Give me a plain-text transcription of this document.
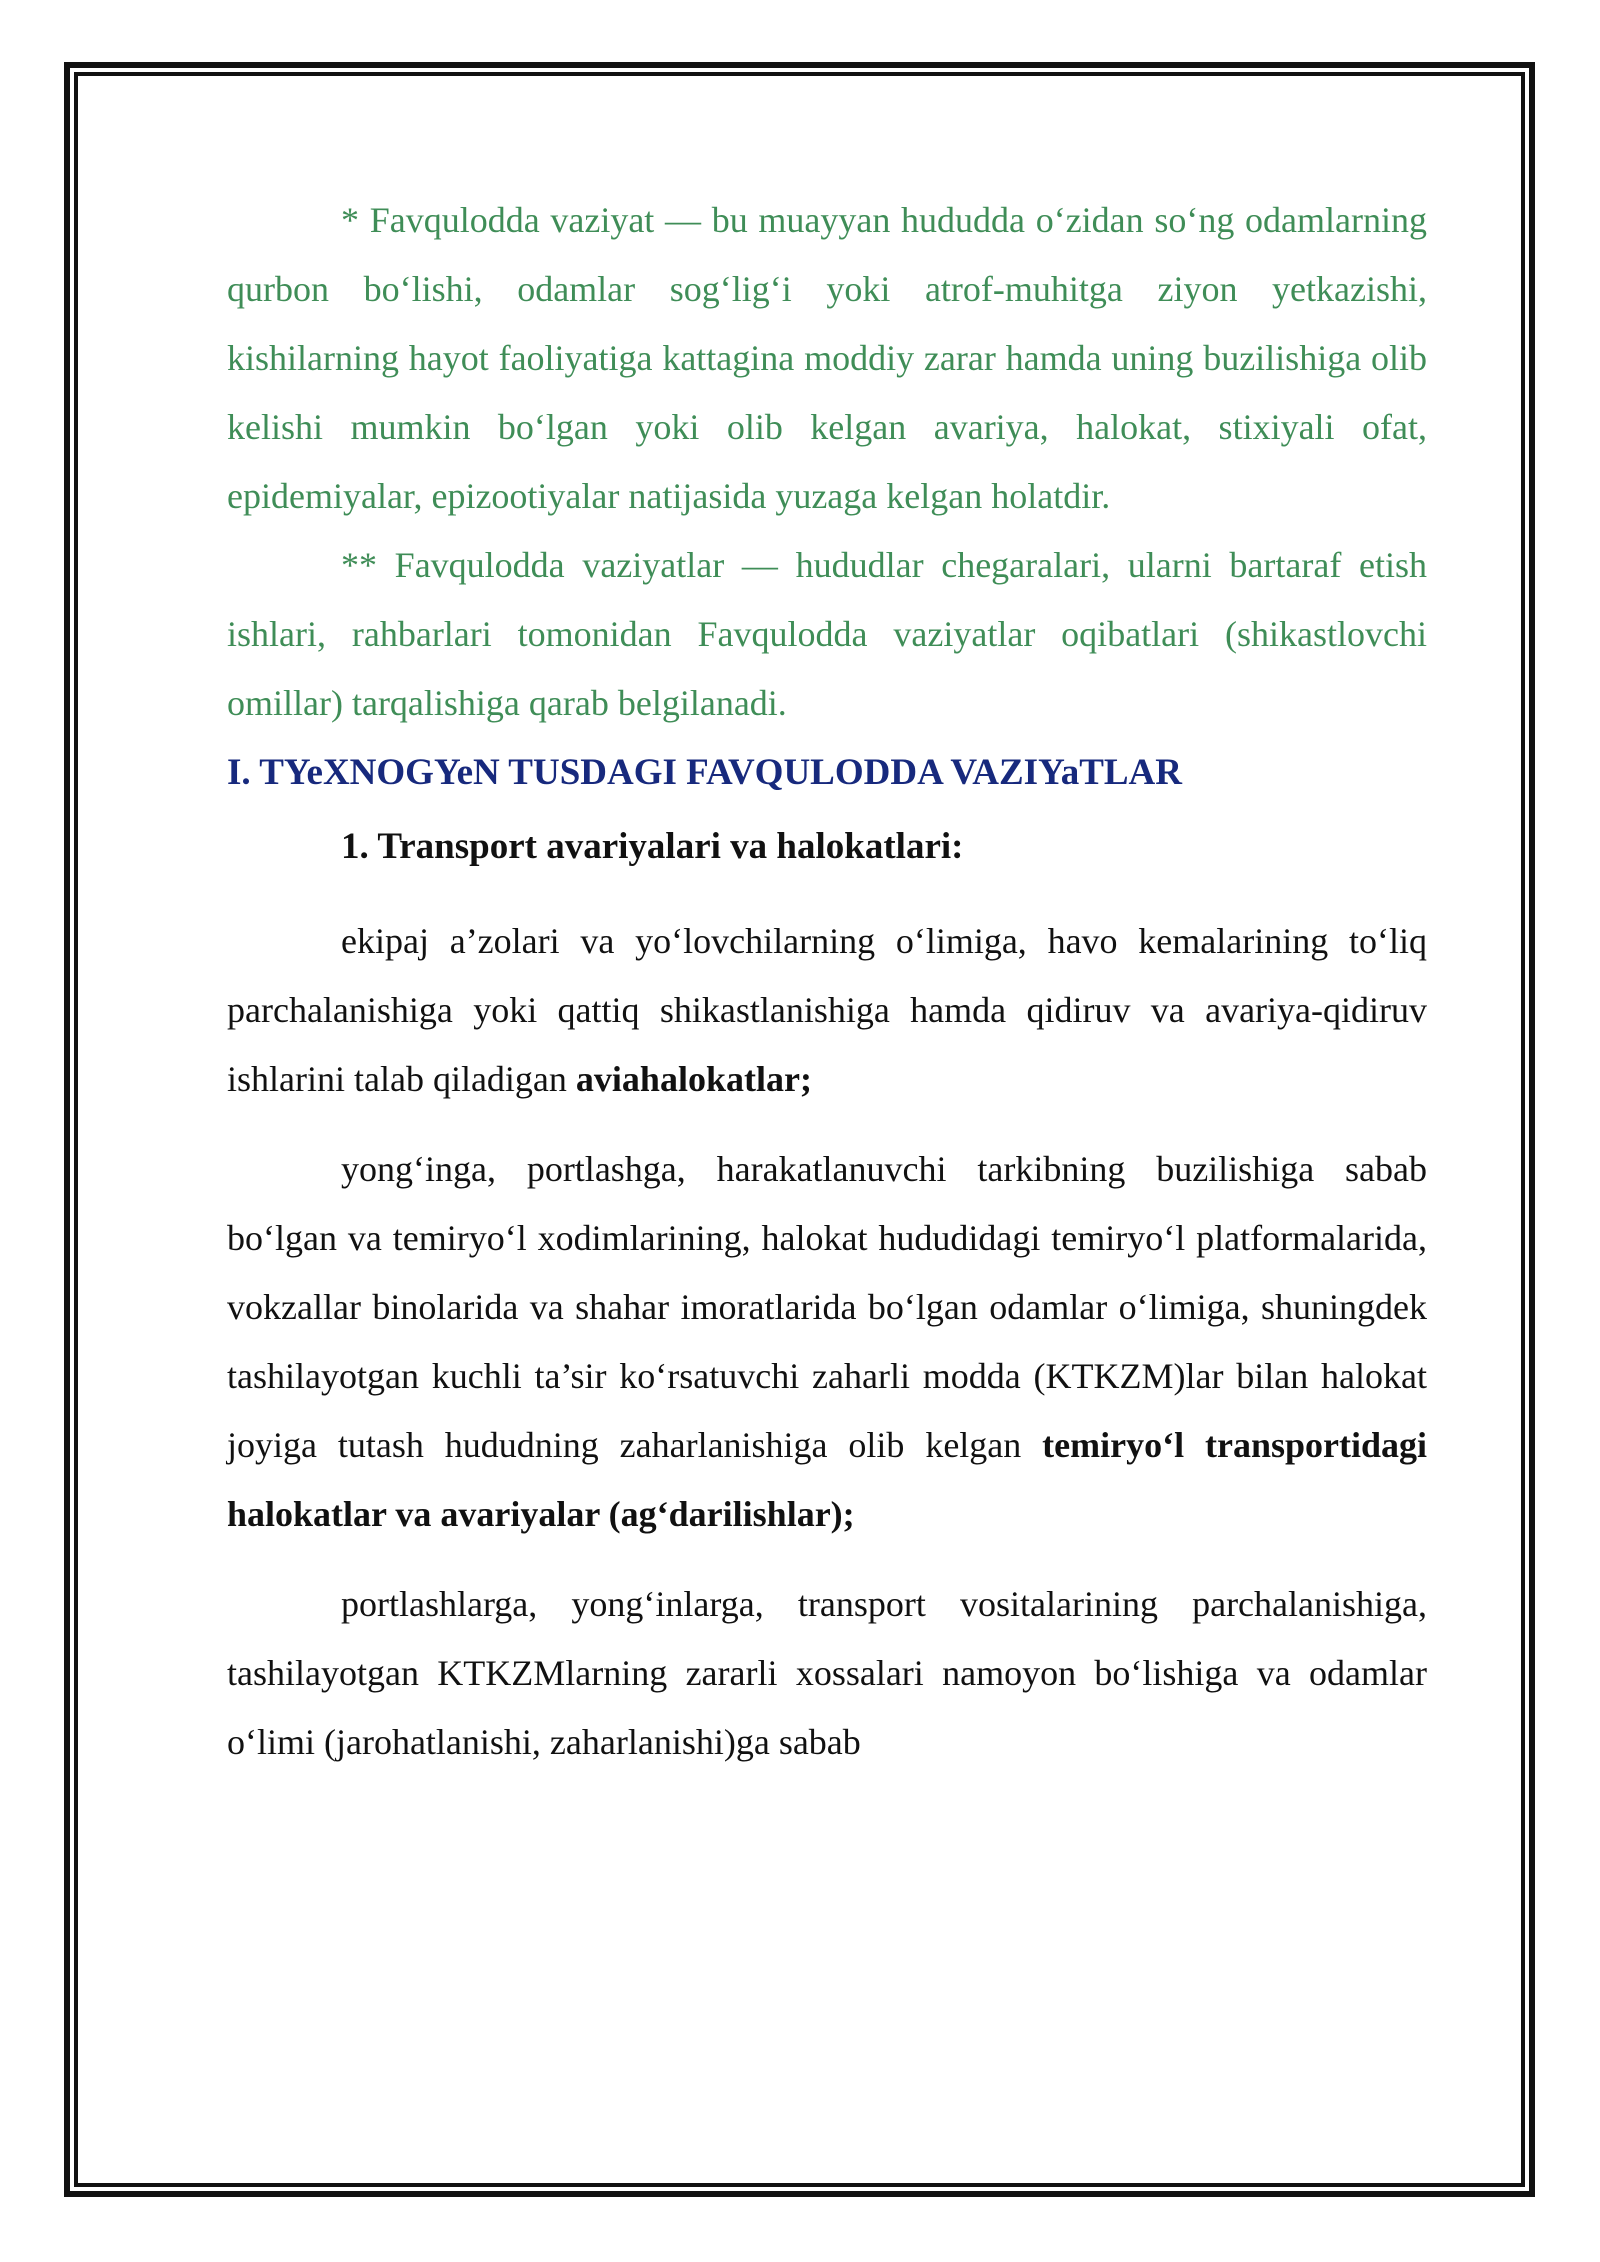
* Favqulodda vaziyat — bu muayyan hududda oʻzidan soʻng odamlarning qurbon boʻlishi, odamlar sogʻligʻi yoki atrof-muhitga ziyon yetkazishi, kishilarning hayot faoliyatiga kattagina moddiy zarar hamda uning buzilishiga olib kelishi mumkin boʻlgan yoki olib kelgan avariya, halokat, stixiyali ofat, epidemiyalar, epizootiyalar natijasida yuzaga kelgan holatdir.

** Favqulodda vaziyatlar — hududlar chegaralari, ularni bartaraf etish ishlari, rahbarlari tomonidan Favqulodda vaziyatlar oqibatlari (shikastlovchi omillar) tarqalishiga qarab belgilanadi.

I. TYeXNOGYeN TUSDAGI FAVQULODDA VAZIYaTLAR

1. Transport avariyalari va halokatlari:

ekipaj a’zolari va yoʻlovchilarning oʻlimiga, havo kemalarining toʻliq parchalanishiga yoki qattiq shikastlanishiga hamda qidiruv va avariya-qidiruv ishlarini talab qiladigan aviahalokatlar;

yongʻinga, portlashga, harakatlanuvchi tarkibning buzilishiga sabab boʻlgan va temiryoʻl xodimlarining, halokat hududidagi temiryoʻl platformalarida, vokzallar binolarida va shahar imoratlarida boʻlgan odamlar oʻlimiga, shuningdek tashilayotgan kuchli ta’sir koʻrsatuvchi zaharli modda (KTKZM)lar bilan halokat joyiga tutash hududning zaharlanishiga olib kelgan temiryoʻl transportidagi halokatlar va avariyalar (agʻdarilishlar);

portlashlarga, yongʻinlarga, transport vositalarining parchalanishiga, tashilayotgan KTKZMlarning zararli xossalari namoyon boʻlishiga va odamlar oʻlimi (jarohatlanishi, zaharlanishi)ga sabab
